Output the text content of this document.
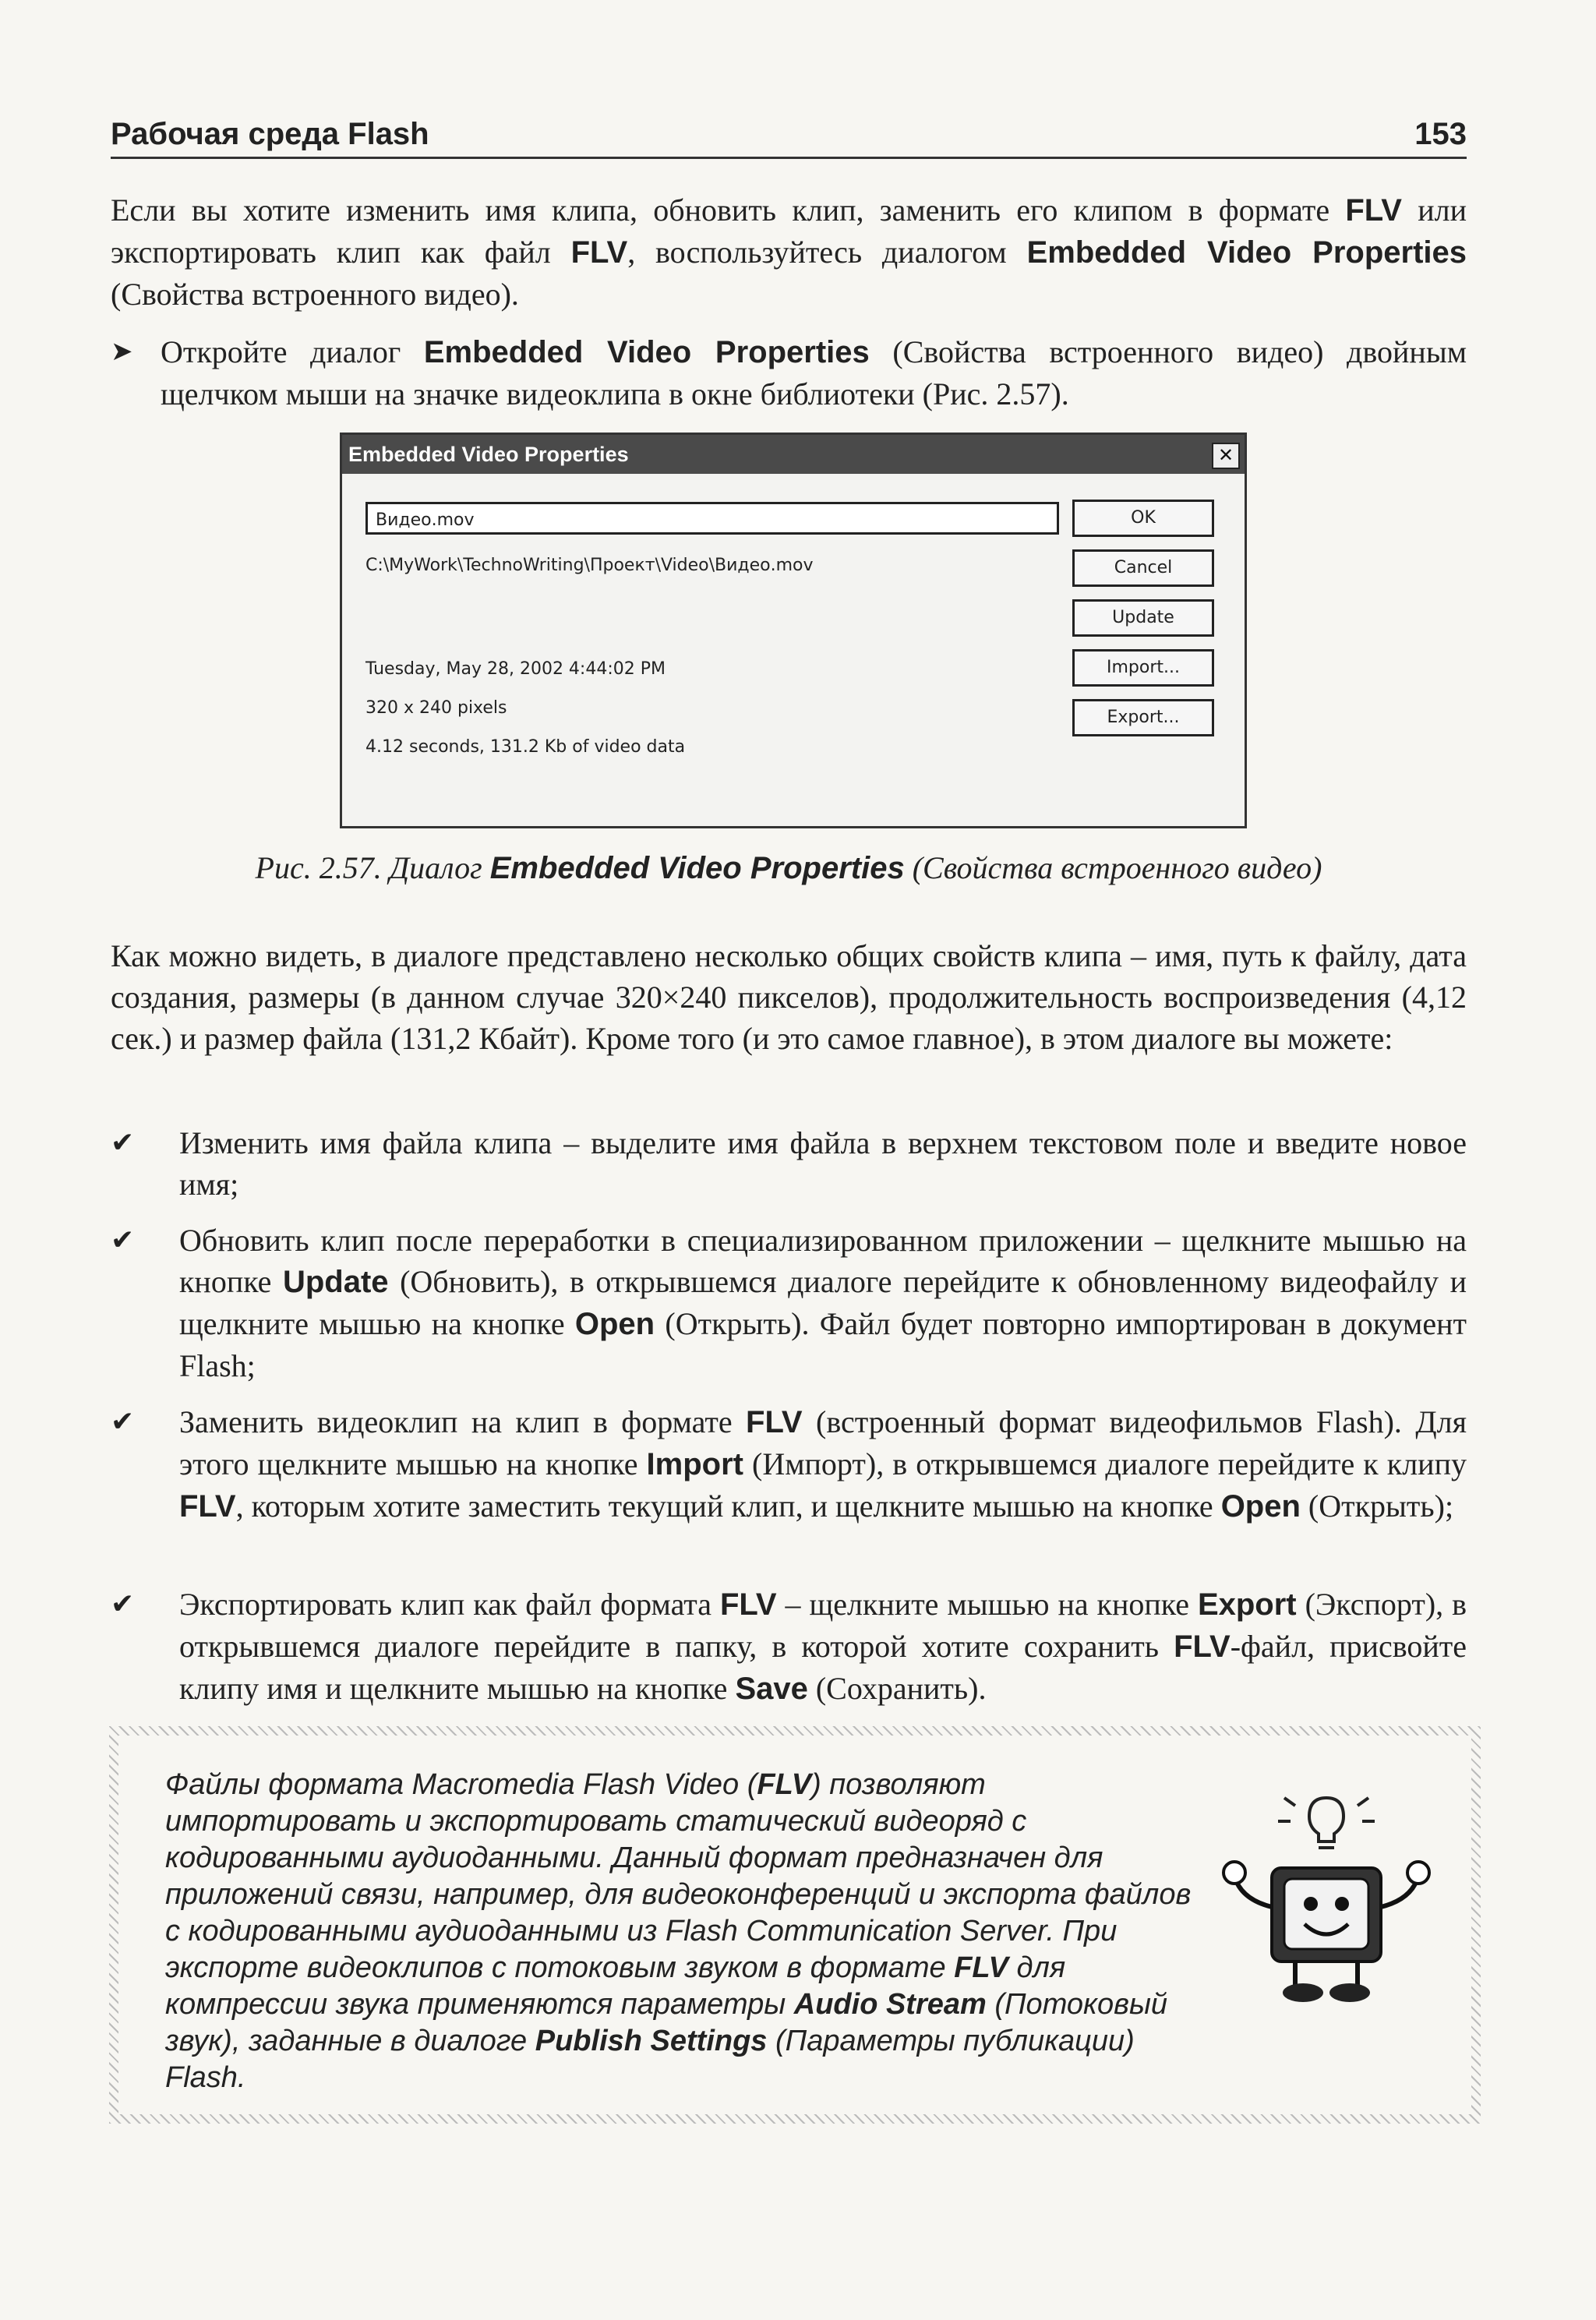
Рабочая среда Flash	153
Если вы хотите изменить имя клипа, обновить клип, заменить его клипом в формате FLV или экспортировать клип как файл FLV, воспользуйтесь диалогом Embedded Video Properties (Свойства встроенного видео).
➤ Откройте диалог Embedded Video Properties (Свойства встроенного видео) двойным щелчком мыши на значке видеоклипа в окне библиотеки (Рис. 2.57).
Embedded Video Properties	✕
Видео.mov
C:\MyWork\TechnoWriting\Проект\Video\Видео.mov
Tuesday, May 28, 2002 4:44:02 PM
320 x 240 pixels
4.12 seconds, 131.2 Kb of video data
OK
Cancel
Update
Import...
Export...
Рис. 2.57. Диалог Embedded Video Properties (Свойства встроенного видео)
Как можно видеть, в диалоге представлено несколько общих свойств клипа – имя, путь к файлу, дата создания, размеры (в данном случае 320×240 пикселов), продолжительность воспроизведения (4,12 сек.) и размер файла (131,2 Кбайт). Кроме того (и это самое главное), в этом диалоге вы можете:
✔ Изменить имя файла клипа – выделите имя файла в верхнем текстовом поле и введите новое имя;
✔ Обновить клип после переработки в специализированном приложении – щелкните мышью на кнопке Update (Обновить), в открывшемся диалоге перейдите к обновленному видеофайлу и щелкните мышью на кнопке Open (Открыть). Файл будет повторно импортирован в документ Flash;
✔ Заменить видеоклип на клип в формате FLV (встроенный формат видеофильмов Flash). Для этого щелкните мышью на кнопке Import (Импорт), в открывшемся диалоге перейдите к клипу FLV, которым хотите заместить текущий клип, и щелкните мышью на кнопке Open (Открыть);
✔ Экспортировать клип как файл формата FLV – щелкните мышью на кнопке Export (Экспорт), в открывшемся диалоге перейдите в папку, в которой хотите сохранить FLV-файл, присвойте клипу имя и щелкните мышью на кнопке Save (Сохранить).
Файлы формата Macromedia Flash Video (FLV) позволяют импортировать и экспортировать статический видеоряд с кодированными аудиоданными. Данный формат предназначен для приложений связи, например, для видеоконференций и экспорта файлов с кодированными аудиоданными из Flash Communication Server. При экспорте видеоклипов с потоковым звуком в формате FLV для компрессии звука применяются параметры Audio Stream (Потоковый звук), заданные в диалоге Publish Settings (Параметры публикации) Flash.
